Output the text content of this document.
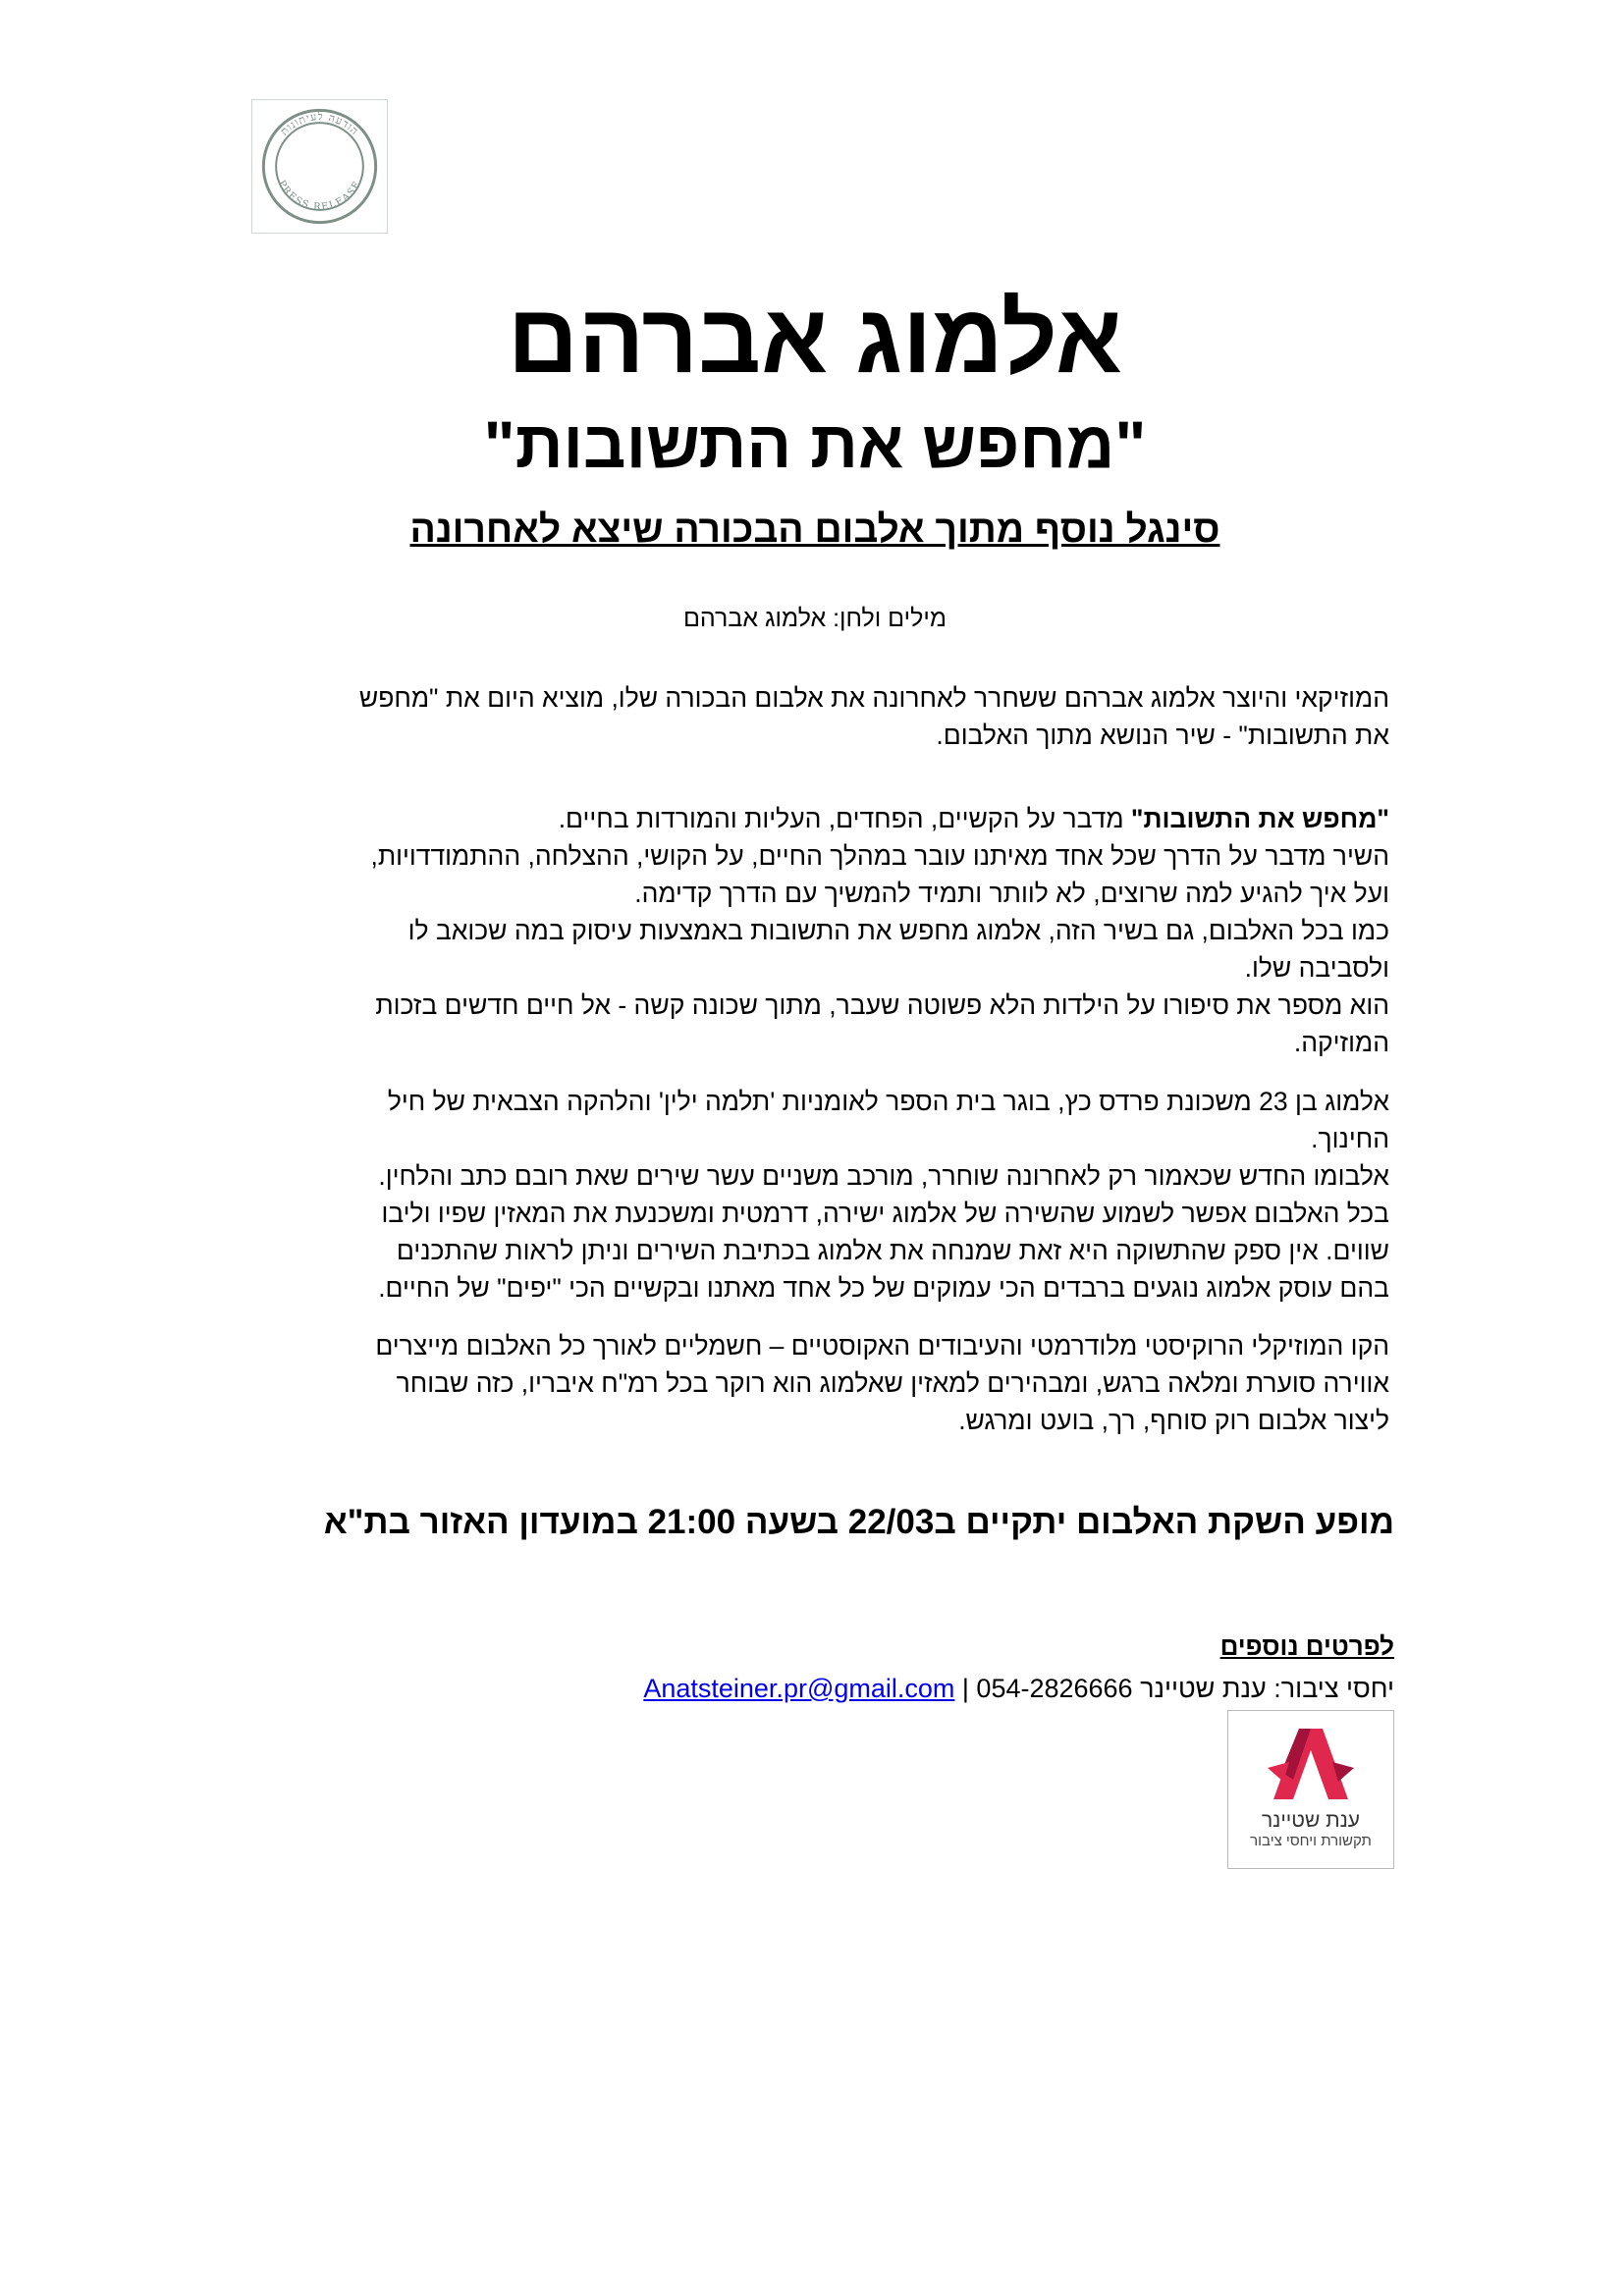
הודעה לעיתונות
PRESS RELEASE
אלמוג אברהם
"מחפש את התשובות"
סינגל נוסף מתוך אלבום הבכורה שיצא לאחרונה
מילים ולחן: אלמוג אברהם

המוזיקאי והיוצר אלמוג אברהם ששחרר לאחרונה את אלבום הבכורה שלו, מוציא היום את "מחפש

את התשובות" - שיר הנושא מתוך האלבום.

"מחפש את התשובות" מדבר על הקשיים, הפחדים, העליות והמורדות בחיים.

השיר מדבר על הדרך שכל אחד מאיתנו עובר במהלך החיים, על הקושי, ההצלחה, ההתמודדויות,

ועל איך להגיע למה שרוצים, לא לוותר ותמיד להמשיך עם הדרך קדימה.

כמו בכל האלבום, גם בשיר הזה, אלמוג מחפש את התשובות באמצעות עיסוק במה שכואב לו

ולסביבה שלו.

הוא מספר את סיפורו על הילדות הלא פשוטה שעבר, מתוך שכונה קשה - אל חיים חדשים בזכות

המוזיקה.

אלמוג בן 23 משכונת פרדס כץ, בוגר בית הספר לאומניות 'תלמה ילין' והלהקה הצבאית של חיל

החינוך.

אלבומו החדש שכאמור רק לאחרונה שוחרר, מורכב משניים עשר שירים שאת רובם כתב והלחין.

בכל האלבום אפשר לשמוע שהשירה של אלמוג ישירה, דרמטית ומשכנעת את המאזין שפיו וליבו

שווים. אין ספק שהתשוקה היא זאת שמנחה את אלמוג בכתיבת השירים וניתן לראות שהתכנים

בהם עוסק אלמוג נוגעים ברבדים הכי עמוקים של כל אחד מאתנו ובקשיים הכי "יפים" של החיים.

הקו המוזיקלי הרוקיסטי מלודרמטי והעיבודים האקוסטיים – חשמליים לאורך כל האלבום מייצרים

אווירה סוערת ומלאה ברגש, ומבהירים למאזין שאלמוג הוא רוקר בכל רמ"ח איבריו, כזה שבוחר

ליצור אלבום רוק סוחף, רך, בועט ומרגש.

מופע השקת האלבום יתקיים ב22/03 בשעה 21:00 במועדון האזור בת"א
לפרטים נוספים
יחסי ציבור: ענת שטיינר 054-2826666 | Anatsteiner.pr@gmail.com
ענת שטיינר
תקשורת ויחסי ציבור
